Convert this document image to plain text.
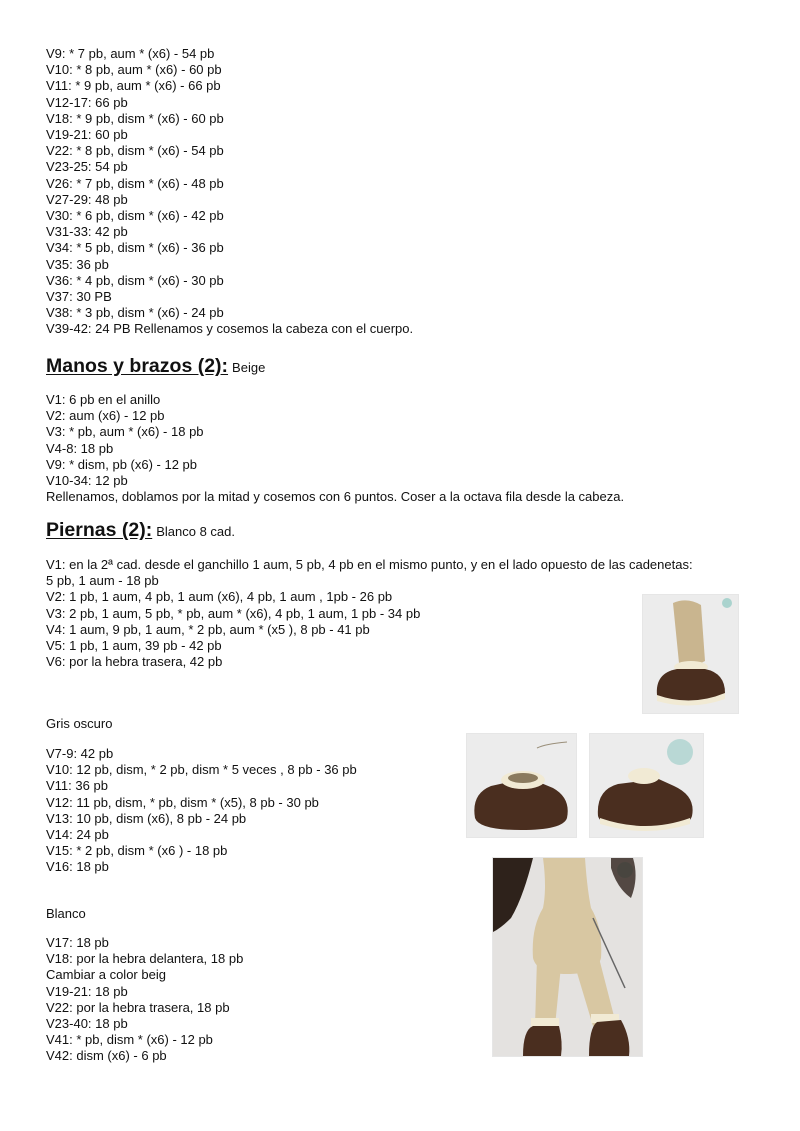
V9: * 7 pb, aum * (x6) - 54 pb
V10: * 8 pb, aum * (x6) - 60 pb
V11: * 9 pb, aum * (x6) - 66 pb
V12-17: 66 pb
V18: * 9 pb, dism * (x6) - 60 pb
V19-21: 60 pb
V22: * 8 pb, dism * (x6) - 54 pb
V23-25: 54 pb
V26: * 7 pb, dism * (x6) - 48 pb
V27-29: 48 pb
V30: * 6 pb, dism * (x6) - 42 pb
V31-33: 42 pb
V34: * 5 pb, dism * (x6) - 36 pb
V35: 36 pb
V36: * 4 pb, dism * (x6) - 30 pb
V37: 30 PB
V38: * 3 pb, dism * (x6) - 24 pb
V39-42: 24 PB Rellenamos y cosemos la cabeza con el cuerpo.
Manos y brazos (2): Beige
V1: 6 pb en el anillo
V2: aum (x6) - 12 pb
V3: * pb, aum * (x6) - 18 pb
V4-8: 18 pb
V9: * dism, pb (x6) - 12 pb
V10-34: 12 pb
Rellenamos, doblamos por la mitad y cosemos con 6 puntos. Coser a la octava fila desde la cabeza.
Piernas (2): Blanco 8 cad.
V1: en la 2ª cad. desde el ganchillo 1 aum, 5 pb, 4 pb en el mismo punto, y en el lado opuesto de las cadenetas:
5 pb, 1 aum - 18 pb
V2: 1 pb, 1 aum, 4 pb, 1 aum (x6), 4 pb, 1 aum , 1pb - 26 pb
V3: 2 pb, 1 aum, 5 pb, * pb, aum * (x6), 4 pb, 1 aum, 1 pb - 34 pb
V4: 1 aum, 9 pb, 1 aum, * 2 pb, aum * (x5 ), 8 pb - 41 pb
V5: 1 pb, 1 aum, 39 pb - 42 pb
V6: por la hebra trasera, 42 pb
Gris oscuro
V7-9: 42 pb
V10: 12 pb, dism, * 2 pb, dism * 5 veces , 8 pb - 36 pb
V11: 36 pb
V12: 11 pb, dism, * pb, dism * (x5), 8 pb - 30 pb
V13: 10 pb, dism (x6), 8 pb - 24 pb
V14: 24 pb
V15: * 2 pb, dism * (x6 ) - 18 pb
V16: 18 pb
Blanco
V17: 18 pb
V18: por la hebra delantera, 18 pb
Cambiar a color beig
V19-21: 18 pb
V22: por la hebra trasera, 18 pb
V23-40: 18 pb
V41: * pb, dism * (x6) - 12 pb
V42: dism (x6) - 6 pb
